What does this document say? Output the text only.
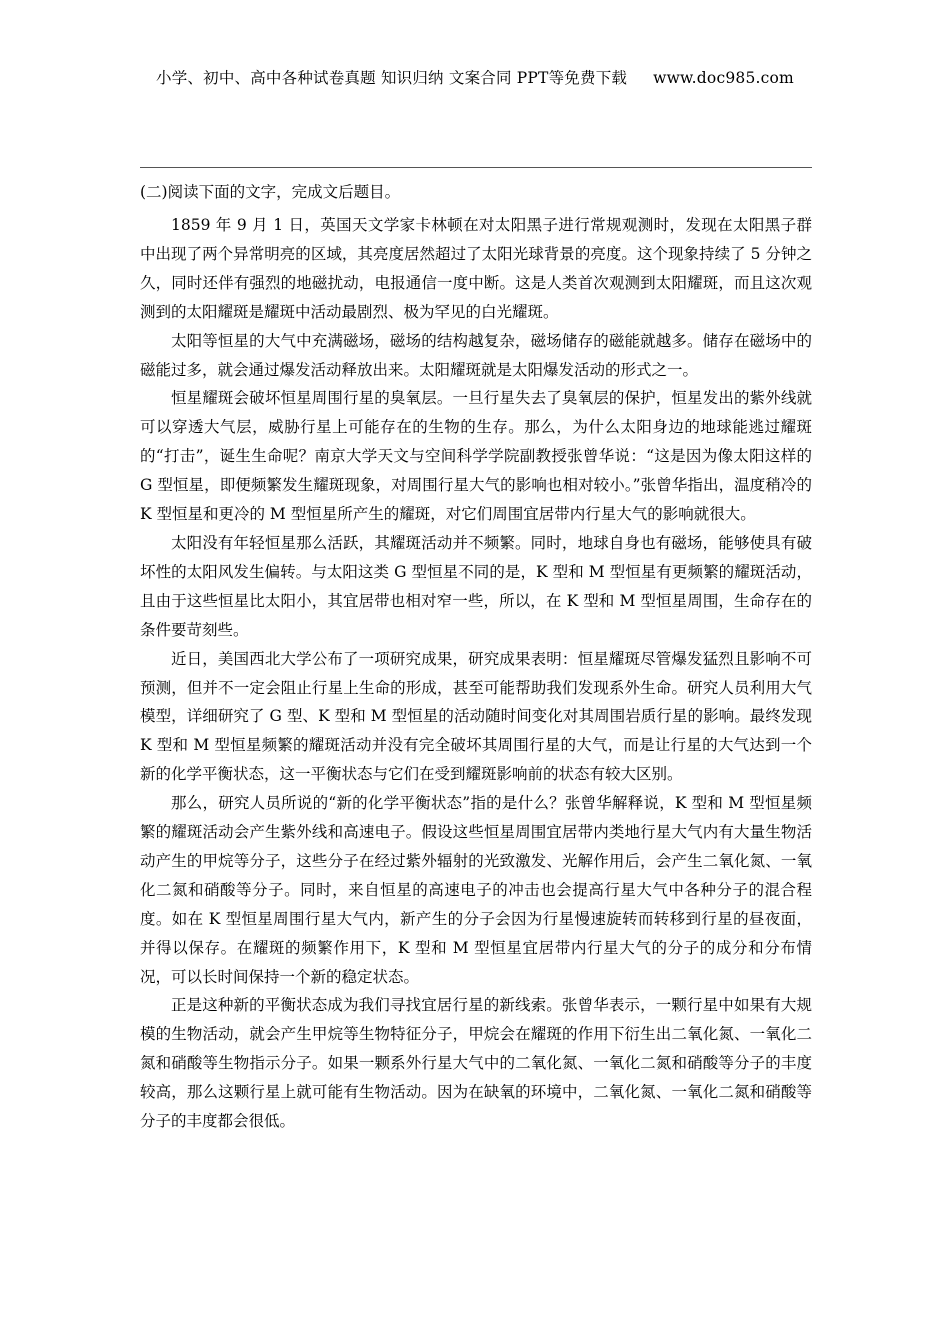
小学、初中、高中各种试卷真题 知识归纳 文案合同 PPT等免费下载 www.doc985.com
(二)阅读下面的文字，完成文后题目。

1859 年 9 月 1 日，英国天文学家卡林顿在对太阳黑子进行常规观测时，发现在太阳黑子群中出现了两个异常明亮的区域，其亮度居然超过了太阳光球背景的亮度。这个现象持续了 5 分钟之久，同时还伴有强烈的地磁扰动，电报通信一度中断。这是人类首次观测到太阳耀斑，而且这次观测到的太阳耀斑是耀斑中活动最剧烈、极为罕见的白光耀斑。

太阳等恒星的大气中充满磁场，磁场的结构越复杂，磁场储存的磁能就越多。储存在磁场中的磁能过多，就会通过爆发活动释放出来。太阳耀斑就是太阳爆发活动的形式之一。

恒星耀斑会破坏恒星周围行星的臭氧层。一旦行星失去了臭氧层的保护，恒星发出的紫外线就可以穿透大气层，威胁行星上可能存在的生物的生存。那么，为什么太阳身边的地球能逃过耀斑的“打击”，诞生生命呢？南京大学天文与空间科学学院副教授张曾华说：“这是因为像太阳这样的 G 型恒星，即便频繁发生耀斑现象，对周围行星大气的影响也相对较小。”张曾华指出，温度稍冷的 K 型恒星和更冷的 M 型恒星所产生的耀斑，对它们周围宜居带内行星大气的影响就很大。

太阳没有年轻恒星那么活跃，其耀斑活动并不频繁。同时，地球自身也有磁场，能够使具有破坏性的太阳风发生偏转。与太阳这类 G 型恒星不同的是，K 型和 M 型恒星有更频繁的耀斑活动，且由于这些恒星比太阳小，其宜居带也相对窄一些，所以，在 K 型和 M 型恒星周围，生命存在的条件要苛刻些。

近日，美国西北大学公布了一项研究成果，研究成果表明：恒星耀斑尽管爆发猛烈且影响不可预测，但并不一定会阻止行星上生命的形成，甚至可能帮助我们发现系外生命。研究人员利用大气模型，详细研究了 G 型、K 型和 M 型恒星的活动随时间变化对其周围岩质行星的影响。最终发现 K 型和 M 型恒星频繁的耀斑活动并没有完全破坏其周围行星的大气，而是让行星的大气达到一个新的化学平衡状态，这一平衡状态与它们在受到耀斑影响前的状态有较大区别。

那么，研究人员所说的“新的化学平衡状态”指的是什么？张曾华解释说，K 型和 M 型恒星频繁的耀斑活动会产生紫外线和高速电子。假设这些恒星周围宜居带内类地行星大气内有大量生物活动产生的甲烷等分子，这些分子在经过紫外辐射的光致激发、光解作用后，会产生二氧化氮、一氧化二氮和硝酸等分子。同时，来自恒星的高速电子的冲击也会提高行星大气中各种分子的混合程度。如在 K 型恒星周围行星大气内，新产生的分子会因为行星慢速旋转而转移到行星的昼夜面，并得以保存。在耀斑的频繁作用下，K 型和 M 型恒星宜居带内行星大气的分子的成分和分布情况，可以长时间保持一个新的稳定状态。

正是这种新的平衡状态成为我们寻找宜居行星的新线索。张曾华表示，一颗行星中如果有大规模的生物活动，就会产生甲烷等生物特征分子，甲烷会在耀斑的作用下衍生出二氧化氮、一氧化二氮和硝酸等生物指示分子。如果一颗系外行星大气中的二氧化氮、一氧化二氮和硝酸等分子的丰度较高，那么这颗行星上就可能有生物活动。因为在缺氧的环境中，二氧化氮、一氧化二氮和硝酸等分子的丰度都会很低。
